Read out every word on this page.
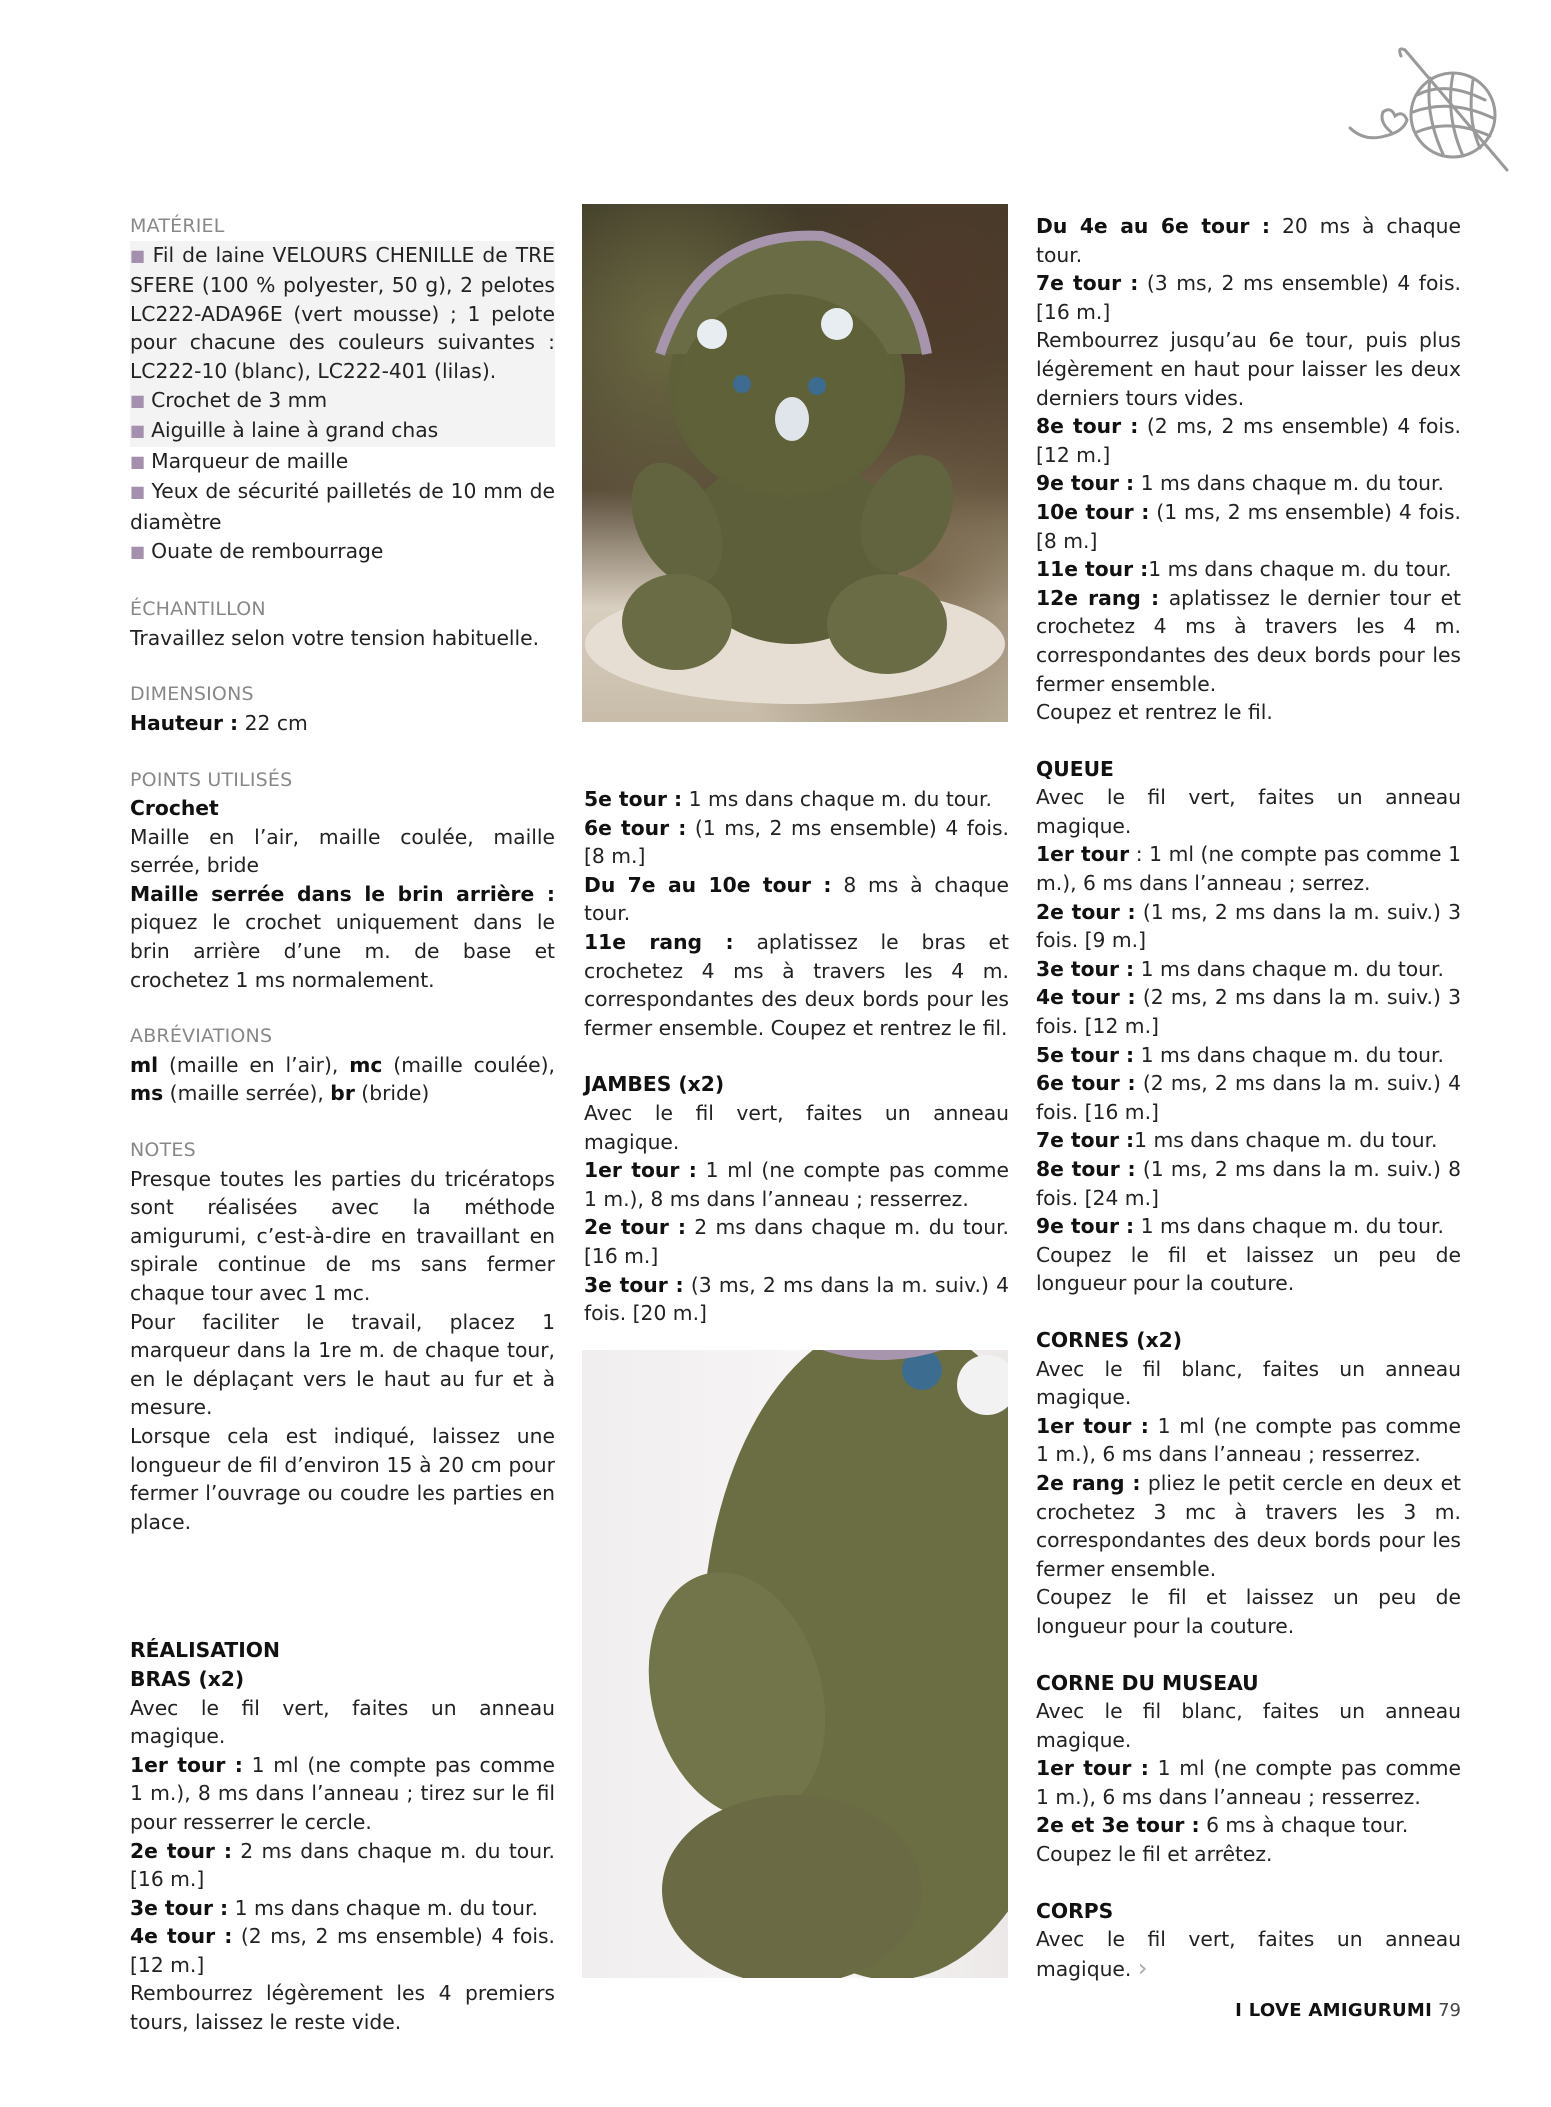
MATÉRIEL
■ Fil de laine VELOURS CHENILLE de TRE SFERE (100 % polyester, 50 g), 2 pelotes LC222-ADA96E (vert mousse) ; 1 pelote pour chacune des couleurs suivantes : LC222-10 (blanc), LC222-401 (lilas).
■ Crochet de 3 mm
■ Aiguille à laine à grand chas
■ Marqueur de maille
■ Yeux de sécurité pailletés de 10 mm de diamètre
■ Ouate de rembourrage
ÉCHANTILLON
Travaillez selon votre tension habituelle.
DIMENSIONS
Hauteur : 22 cm
POINTS UTILISÉS
Crochet
Maille en l’air, maille coulée, maille serrée, bride
Maille serrée dans le brin arrière : piquez le crochet uniquement dans le brin arrière d’une m. de base et crochetez 1 ms normalement.
ABRÉVIATIONS
ml (maille en l’air), mc (maille coulée), ms (maille serrée), br (bride)
NOTES
Presque toutes les parties du tricératops sont réalisées avec la méthode amigurumi, c’est-à-dire en travaillant en spirale continue de ms sans fermer chaque tour avec 1 mc.
Pour faciliter le travail, placez 1 marqueur dans la 1re m. de chaque tour, en le déplaçant vers le haut au fur et à mesure.
Lorsque cela est indiqué, laissez une longueur de fil d’environ 15 à 20 cm pour fermer l’ouvrage ou coudre les parties en place.
RÉALISATION
BRAS (x2)
Avec le fil vert, faites un anneau magique.
1er tour : 1 ml (ne compte pas comme 1 m.), 8 ms dans l’anneau ; tirez sur le fil pour resserrer le cercle.
2e tour : 2 ms dans chaque m. du tour. [16 m.]
3e tour : 1 ms dans chaque m. du tour.
4e tour : (2 ms, 2 ms ensemble) 4 fois. [12 m.]
Rembourrez légèrement les 4 premiers tours, laissez le reste vide.
5e tour : 1 ms dans chaque m. du tour.
6e tour : (1 ms, 2 ms ensemble) 4 fois. [8 m.]
Du 7e au 10e tour : 8 ms à chaque tour.
11e rang : aplatissez le bras et crochetez 4 ms à travers les 4 m. correspondantes des deux bords pour les fermer ensemble. Coupez et rentrez le fil.
JAMBES (x2)
Avec le fil vert, faites un anneau magique.
1er tour : 1 ml (ne compte pas comme 1 m.), 8 ms dans l’anneau ; resserrez.
2e tour : 2 ms dans chaque m. du tour. [16 m.]
3e tour : (3 ms, 2 ms dans la m. suiv.) 4 fois. [20 m.]
Du 4e au 6e tour : 20 ms à chaque tour.
7e tour : (3 ms, 2 ms ensemble) 4 fois. [16 m.]
Rembourrez jusqu’au 6e tour, puis plus légèrement en haut pour laisser les deux derniers tours vides.
8e tour : (2 ms, 2 ms ensemble) 4 fois. [12 m.]
9e tour : 1 ms dans chaque m. du tour.
10e tour : (1 ms, 2 ms ensemble) 4 fois. [8 m.]
11e tour :1 ms dans chaque m. du tour.
12e rang : aplatissez le dernier tour et crochetez 4 ms à travers les 4 m. correspondantes des deux bords pour les fermer ensemble.
Coupez et rentrez le fil.
QUEUE
Avec le fil vert, faites un anneau magique.
1er tour : 1 ml (ne compte pas comme 1 m.), 6 ms dans l’anneau ; serrez.
2e tour : (1 ms, 2 ms dans la m. suiv.) 3 fois. [9 m.]
3e tour : 1 ms dans chaque m. du tour.
4e tour : (2 ms, 2 ms dans la m. suiv.) 3 fois. [12 m.]
5e tour : 1 ms dans chaque m. du tour.
6e tour : (2 ms, 2 ms dans la m. suiv.) 4 fois. [16 m.]
7e tour :1 ms dans chaque m. du tour.
8e tour : (1 ms, 2 ms dans la m. suiv.) 8 fois. [24 m.]
9e tour : 1 ms dans chaque m. du tour.
Coupez le fil et laissez un peu de longueur pour la couture.
CORNES (x2)
Avec le fil blanc, faites un anneau magique.
1er tour : 1 ml (ne compte pas comme 1 m.), 6 ms dans l’anneau ; resserrez.
2e rang : pliez le petit cercle en deux et crochetez 3 mc à travers les 3 m. correspondantes des deux bords pour les fermer ensemble.
Coupez le fil et laissez un peu de longueur pour la couture.
CORNE DU MUSEAU
Avec le fil blanc, faites un anneau magique.
1er tour : 1 ml (ne compte pas comme 1 m.), 6 ms dans l’anneau ; resserrez.
2e et 3e tour : 6 ms à chaque tour.
Coupez le fil et arrêtez.
CORPS
Avec le fil vert, faites un anneau magique. ›
I LOVE AMIGURUMI 79
